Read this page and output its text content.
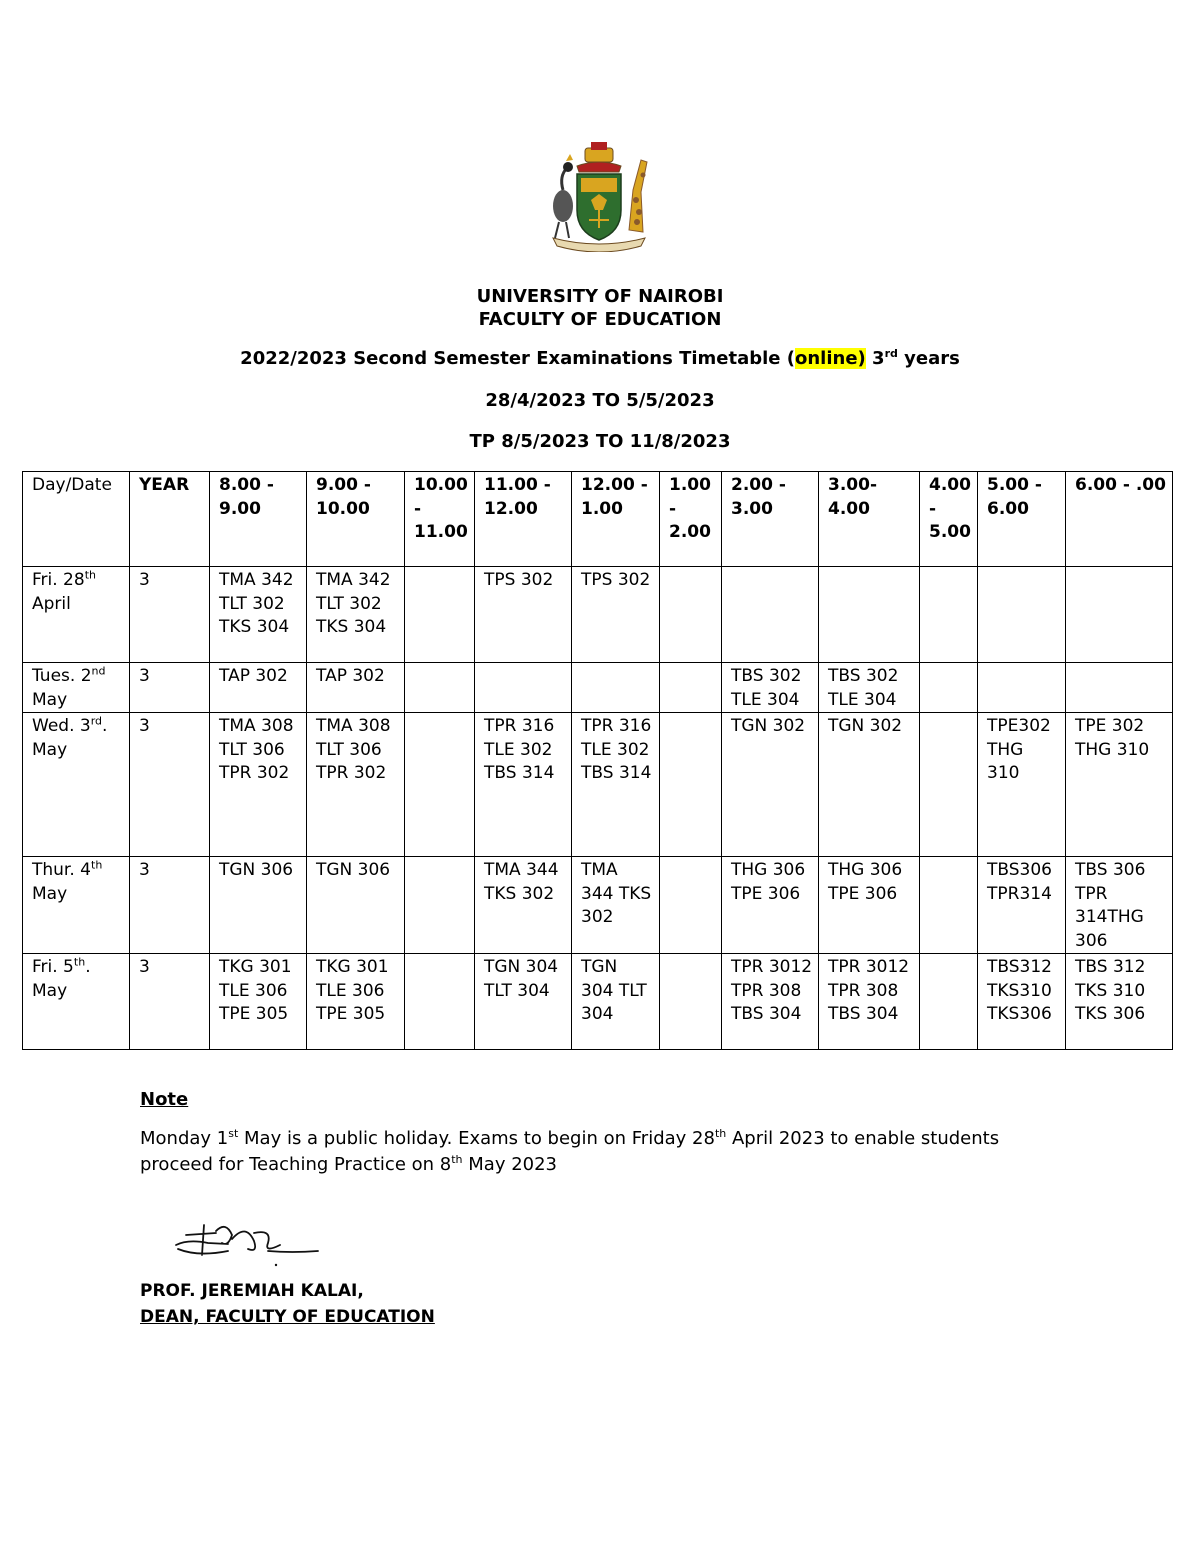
UNIVERSITY OF NAIROBI
FACULTY OF EDUCATION
2022/2023 Second Semester Examinations Timetable (online) 3rd years
28/4/2023 TO 5/5/2023
TP 8/5/2023 TO 11/8/2023
Day/Date	YEAR	8.00 - 9.00	9.00 - 10.00	10.00 - 11.00	11.00 - 12.00	12.00 - 1.00	1.00 - 2.00	2.00 - 3.00	3.00- 4.00	4.00 - 5.00	5.00 - 6.00	6.00 - .00
Fri. 28th April	3	TMA 342 TLT 302 TKS 304	TMA 342 TLT 302 TKS 304		TPS 302	TPS 302						
Tues. 2nd May	3	TAP 302	TAP 302					TBS 302 TLE 304	TBS 302 TLE 304			
Wed. 3rd. May	3	TMA 308 TLT 306 TPR 302	TMA 308 TLT 306 TPR 302		TPR 316 TLE 302 TBS 314	TPR 316 TLE 302 TBS 314		TGN 302	TGN 302		TPE302 THG 310	TPE 302 THG 310
Thur. 4th May	3	TGN 306	TGN 306		TMA 344 TKS 302	TMA 344 TKS 302		THG 306 TPE 306	THG 306 TPE 306		TBS306 TPR314	TBS 306 TPR 314THG 306
Fri. 5th. May	3	TKG 301 TLE 306 TPE 305	TKG 301 TLE 306 TPE 305		TGN 304 TLT 304	TGN 304 TLT 304		TPR 3012 TPR 308 TBS 304	TPR 3012 TPR 308 TBS 304		TBS312 TKS310 TKS306	TBS 312 TKS 310 TKS 306
Note
Monday 1st May is a public holiday. Exams to begin on Friday 28th April 2023 to enable students proceed for Teaching Practice on 8th May 2023
PROF. JEREMIAH KALAI,
DEAN, FACULTY OF EDUCATION
